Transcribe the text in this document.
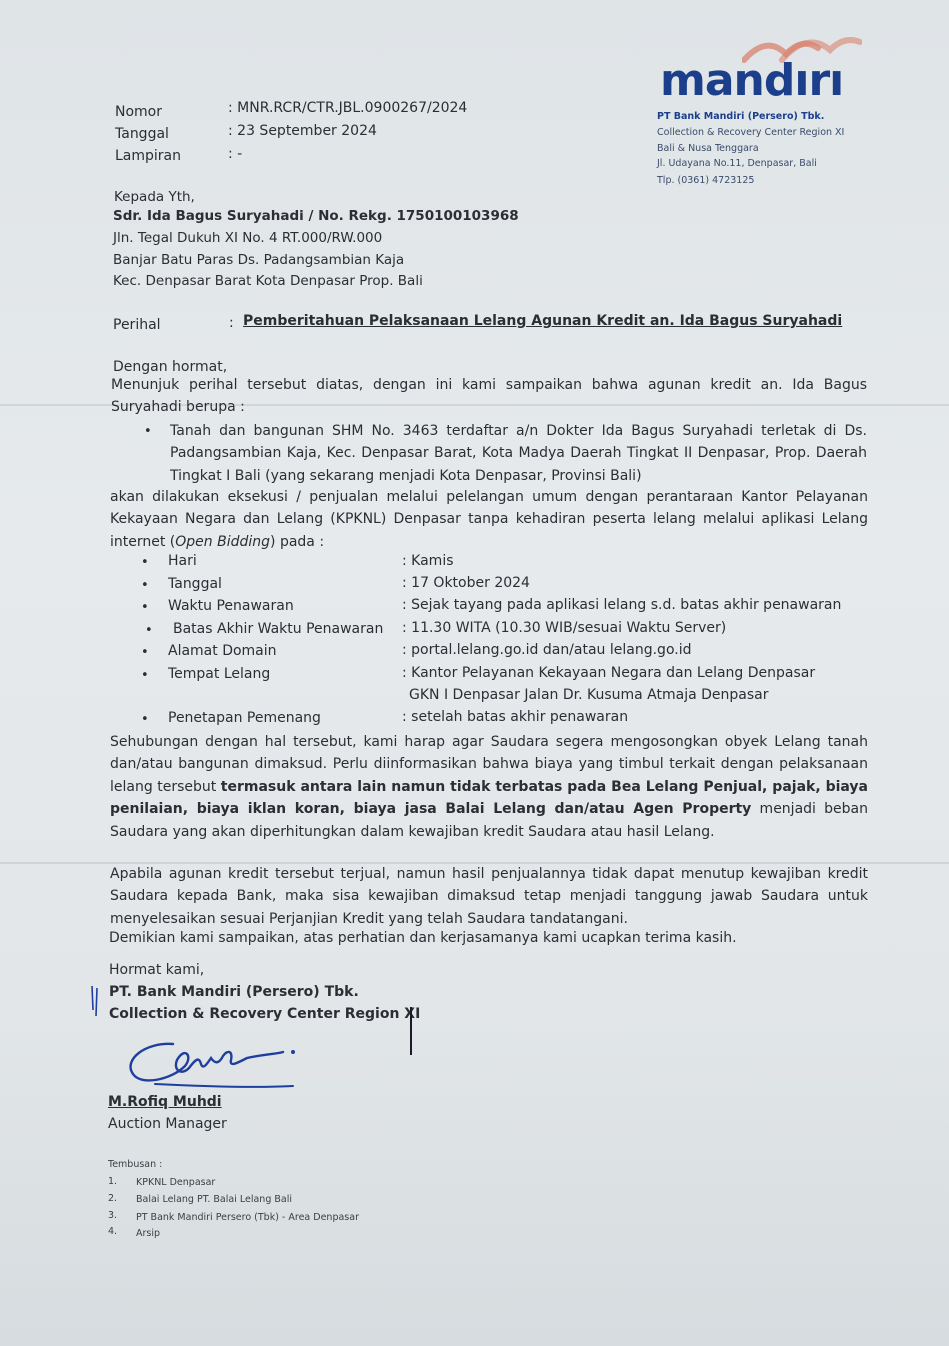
mandırı
PT Bank Mandiri (Persero) Tbk.
Collection & Recovery Center Region XI
Bali & Nusa Tenggara
Jl. Udayana No.11, Denpasar, Bali
Tlp. (0361) 4723125
Nomor	: MNR.RCR/CTR.JBL.0900267/2024
Tanggal	: 23 September 2024
Lampiran	: -
Kepada Yth,
Sdr. Ida Bagus Suryahadi / No. Rekg. 1750100103968
Jln. Tegal Dukuh XI No. 4 RT.000/RW.000
Banjar Batu Paras Ds. Padangsambian Kaja
Kec. Denpasar Barat Kota Denpasar Prop. Bali
Perihal	: Pemberitahuan Pelaksanaan Lelang Agunan Kredit an. Ida Bagus Suryahadi
Dengan hormat,
Menunjuk perihal tersebut diatas, dengan ini kami sampaikan bahwa agunan kredit an. Ida Bagus Suryahadi berupa :
• Tanah dan bangunan SHM No. 3463 terdaftar a/n Dokter Ida Bagus Suryahadi terletak di Ds. Padangsambian Kaja, Kec. Denpasar Barat, Kota Madya Daerah Tingkat II Denpasar, Prop. Daerah Tingkat I Bali (yang sekarang menjadi Kota Denpasar, Provinsi Bali)
akan dilakukan eksekusi / penjualan melalui pelelangan umum dengan perantaraan Kantor Pelayanan Kekayaan Negara dan Lelang (KPKNL) Denpasar tanpa kehadiran peserta lelang melalui aplikasi Lelang internet (Open Bidding) pada :
• Hari	: Kamis
• Tanggal	: 17 Oktober 2024
• Waktu Penawaran	: Sejak tayang pada aplikasi lelang s.d. batas akhir penawaran
• Batas Akhir Waktu Penawaran : 11.30 WITA (10.30 WIB/sesuai Waktu Server)
• Alamat Domain	: portal.lelang.go.id dan/atau lelang.go.id
• Tempat Lelang	: Kantor Pelayanan Kekayaan Negara dan Lelang Denpasar
GKN I Denpasar Jalan Dr. Kusuma Atmaja Denpasar
• Penetapan Pemenang	: setelah batas akhir penawaran
Sehubungan dengan hal tersebut, kami harap agar Saudara segera mengosongkan obyek Lelang tanah dan/atau bangunan dimaksud. Perlu diinformasikan bahwa biaya yang timbul terkait dengan pelaksanaan lelang tersebut termasuk antara lain namun tidak terbatas pada Bea Lelang Penjual, pajak, biaya penilaian, biaya iklan koran, biaya jasa Balai Lelang dan/atau Agen Property menjadi beban Saudara yang akan diperhitungkan dalam kewajiban kredit Saudara atau hasil Lelang.
Apabila agunan kredit tersebut terjual, namun hasil penjualannya tidak dapat menutup kewajiban kredit Saudara kepada Bank, maka sisa kewajiban dimaksud tetap menjadi tanggung jawab Saudara untuk menyelesaikan sesuai Perjanjian Kredit yang telah Saudara tandatangani.
Demikian kami sampaikan, atas perhatian dan kerjasamanya kami ucapkan terima kasih.
Hormat kami,
PT. Bank Mandiri (Persero) Tbk.
Collection & Recovery Center Region XI
M.Rofiq Muhdi
Auction Manager
Tembusan :
1. KPKNL Denpasar
2. Balai Lelang PT. Balai Lelang Bali
3. PT Bank Mandiri Persero (Tbk) - Area Denpasar
4. Arsip
